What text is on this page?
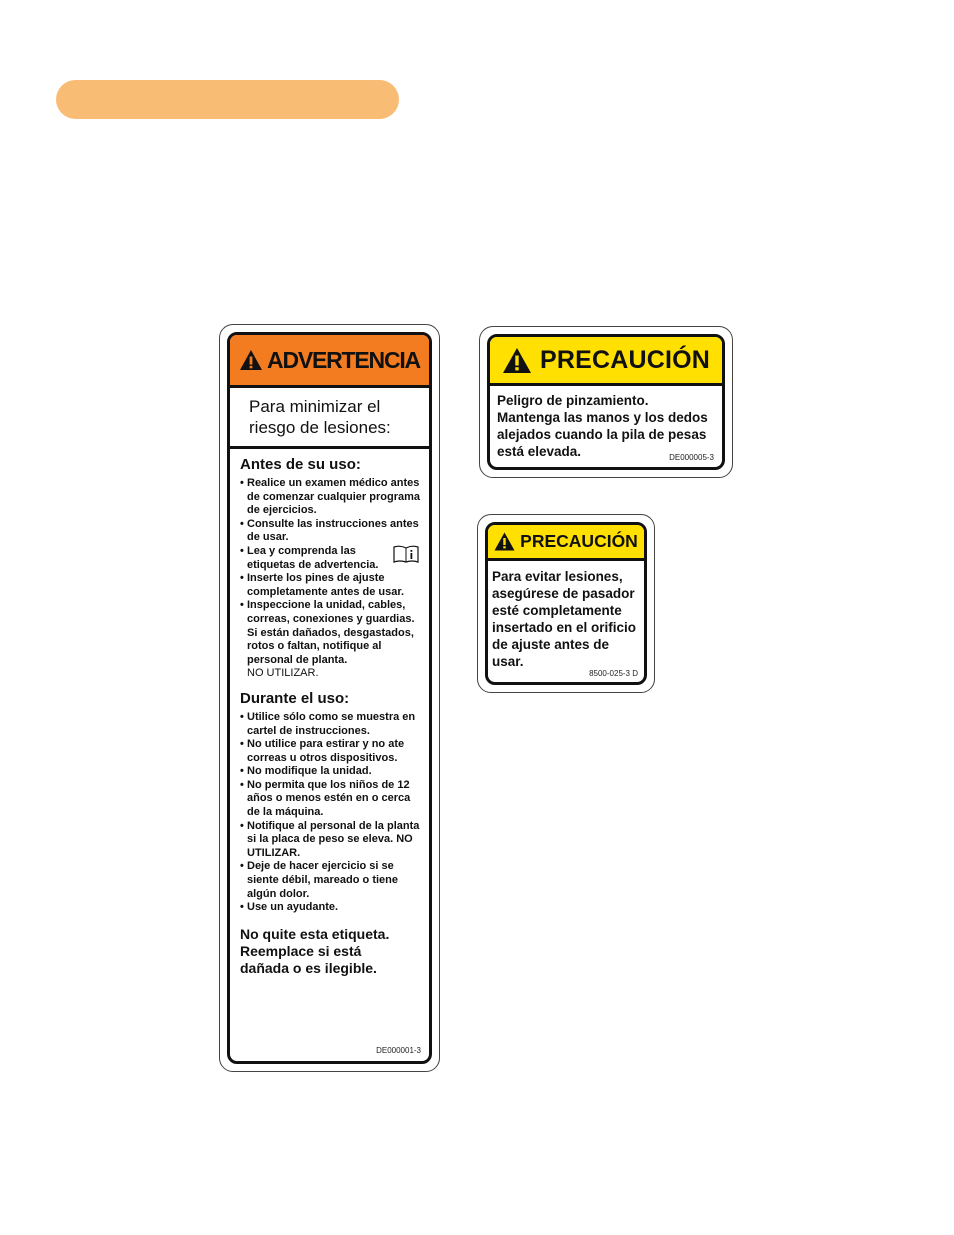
ADVERTENCIA
Para minimizar el
riesgo de lesiones:
Antes de su uso:
• Realice un examen médico antes de comenzar cualquier programa de ejercicios.
• Consulte las instrucciones antes de usar.
• Lea y comprenda las etiquetas de advertencia.
• Inserte los pines de ajuste completamente antes de usar.
• Inspeccione la unidad, cables, correas, conexiones y guardias. Si están dañados, desgastados, rotos o faltan, notifique al personal de planta.
NO UTILIZAR.
Durante el uso:
• Utilice sólo como se muestra en cartel de instrucciones.
• No utilice para estirar y no ate correas u otros dispositivos.
• No modifique la unidad.
• No permita que los niños de 12 años o menos estén en o cerca de la máquina.
• Notifique al personal de la planta si la placa de peso se eleva. NO UTILIZAR.
• Deje de hacer ejercicio si se siente débil, mareado o tiene algún dolor.
• Use un ayudante.
No quite esta etiqueta.
Reemplace si está
dañada o es ilegible.
DE000001-3
PRECAUCIÓN
Peligro de pinzamiento.
Mantenga las manos y los dedos
alejados cuando la pila de pesas
está elevada.	DE000005-3
PRECAUCIÓN
Para evitar lesiones,
asegúrese de pasador
esté completamente
insertado en el orificio
de ajuste antes de
usar.
8500-025-3 D
